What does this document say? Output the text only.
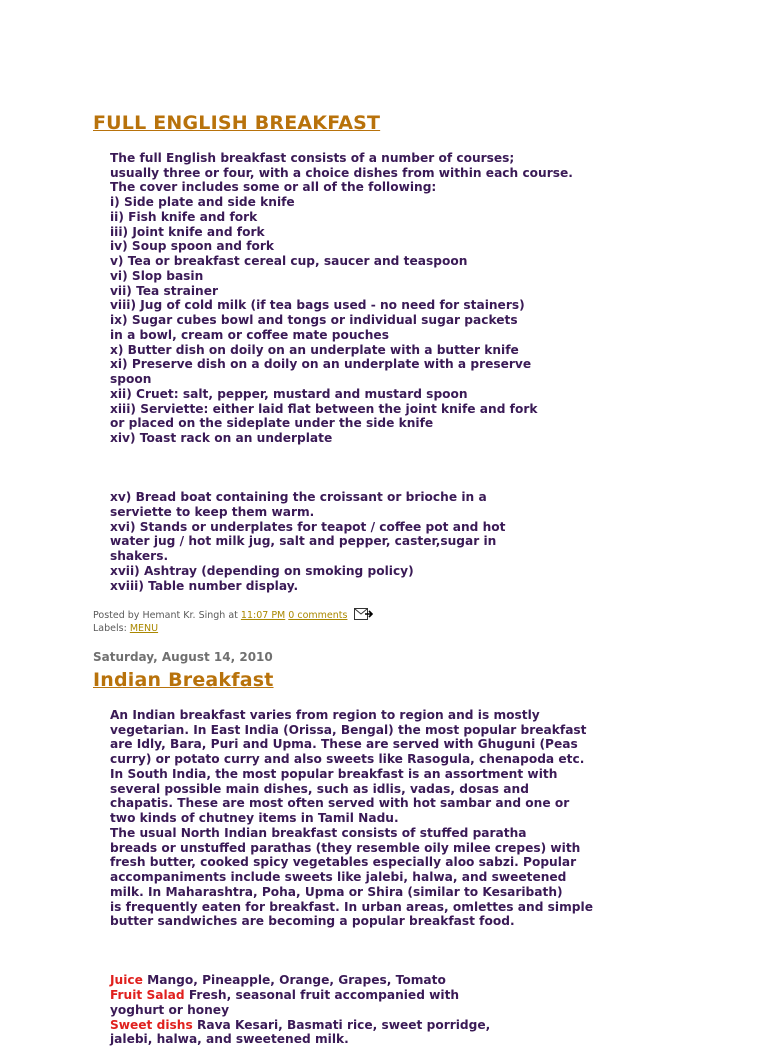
FULL ENGLISH BREAKFAST

The full English breakfast consists of a number of courses;
usually three or four, with a choice dishes from within each course.
The cover includes some or all of the following:
i) Side plate and side knife
ii) Fish knife and fork
iii) Joint knife and fork
iv) Soup spoon and fork
v) Tea or breakfast cereal cup, saucer and teaspoon
vi) Slop basin
vii) Tea strainer
viii) Jug of cold milk (if tea bags used - no need for stainers)
ix) Sugar cubes bowl and tongs or individual sugar packets
in a bowl, cream or coffee mate pouches
x) Butter dish on doily on an underplate with a butter knife
xi) Preserve dish on a doily on an underplate with a preserve
spoon
xii) Cruet: salt, pepper, mustard and mustard spoon
xiii) Serviette: either laid flat between the joint knife and fork
or placed on the sideplate under the side knife
xiv) Toast rack on an underplate

xv) Bread boat containing the croissant or brioche in a
serviette to keep them warm.
xvi) Stands or underplates for teapot / coffee pot and hot
water jug / hot milk jug, salt and pepper, caster,sugar in
shakers.
xvii) Ashtray (depending on smoking policy)
xviii) Table number display.

Posted by Hemant Kr. Singh at 11:07 PM 0 comments
Labels: MENU
Saturday, August 14, 2010
Indian Breakfast

An Indian breakfast varies from region to region and is mostly
vegetarian. In East India (Orissa, Bengal) the most popular breakfast
are Idly, Bara, Puri and Upma. These are served with Ghuguni (Peas
curry) or potato curry and also sweets like Rasogula, chenapoda etc.
In South India, the most popular breakfast is an assortment with
several possible main dishes, such as idlis, vadas, dosas and
chapatis. These are most often served with hot sambar and one or
two kinds of chutney items in Tamil Nadu.
The usual North Indian breakfast consists of stuffed paratha
breads or unstuffed parathas (they resemble oily milee crepes) with
fresh butter, cooked spicy vegetables especially aloo sabzi. Popular
accompaniments include sweets like jalebi, halwa, and sweetened
milk. In Maharashtra, Poha, Upma or Shira (similar to Kesaribath)
is frequently eaten for breakfast. In urban areas, omlettes and simple
butter sandwiches are becoming a popular breakfast food.

Juice Mango, Pineapple, Orange, Grapes, Tomato
Fruit Salad Fresh, seasonal fruit accompanied with
yoghurt or honey
Sweet dishs Rava Kesari, Basmati rice, sweet porridge,
jalebi, halwa, and sweetened milk.
